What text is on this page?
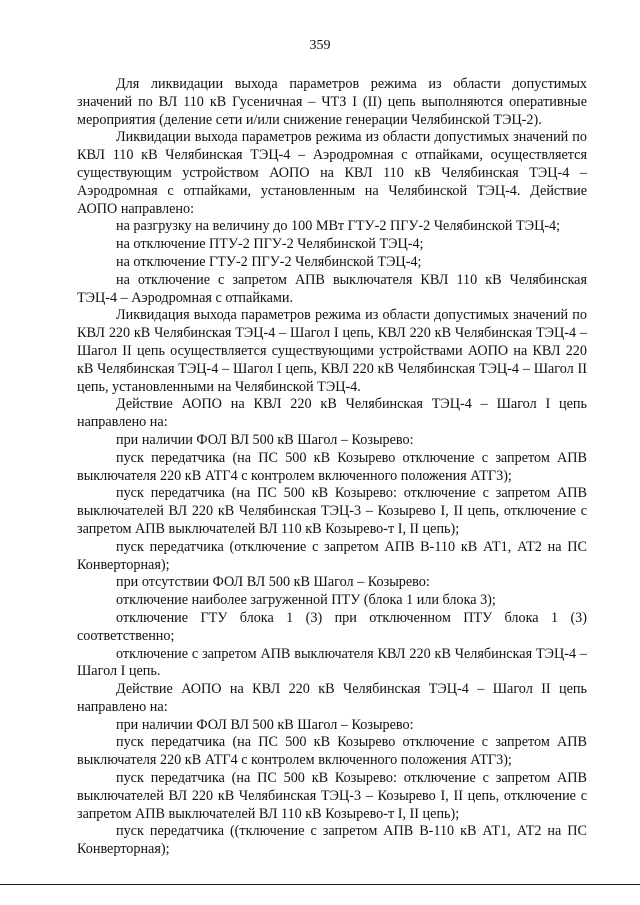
359

Для ликвидации выхода параметров режима из области допустимых значений по ВЛ 110 кВ Гусеничная – ЧТЗ I (II) цепь выполняются оперативные мероприятия (деление сети и/или снижение генерации Челябинской ТЭЦ-2).

Ликвидации выхода параметров режима из области допустимых значений по КВЛ 110 кВ Челябинская ТЭЦ-4 – Аэродромная с отпайками, осуществляется существующим устройством АОПО на КВЛ 110 кВ Челябинская ТЭЦ-4 – Аэродромная с отпайками, установленным на Челябинской ТЭЦ-4. Действие АОПО направлено:

на разгрузку на величину до 100 МВт ГТУ-2 ПГУ-2 Челябинской ТЭЦ-4;

на отключение ПТУ-2 ПГУ-2 Челябинской ТЭЦ-4;

на отключение ГТУ-2 ПГУ-2 Челябинской ТЭЦ-4;

на отключение с запретом АПВ выключателя КВЛ 110 кВ Челябинская ТЭЦ-4 – Аэродромная с отпайками.

Ликвидация выхода параметров режима из области допустимых значений по КВЛ 220 кВ Челябинская ТЭЦ-4 – Шагол I цепь, КВЛ 220 кВ Челябинская ТЭЦ-4 – Шагол II цепь осуществляется существующими устройствами АОПО на КВЛ 220 кВ Челябинская ТЭЦ-4 – Шагол I цепь, КВЛ 220 кВ Челябинская ТЭЦ-4 – Шагол II цепь, установленными на Челябинской ТЭЦ-4.

Действие АОПО на КВЛ 220 кВ Челябинская ТЭЦ-4 – Шагол I цепь направлено на:

при наличии ФОЛ ВЛ 500 кВ Шагол – Козырево:

пуск передатчика (на ПС 500 кВ Козырево отключение с запретом АПВ выключателя 220 кВ АТГ4 с контролем включенного положения АТГ3);

пуск передатчика (на ПС 500 кВ Козырево: отключение с запретом АПВ выключателей ВЛ 220 кВ Челябинская ТЭЦ-3 – Козырево I, II цепь, отключение с запретом АПВ выключателей ВЛ 110 кВ Козырево-т I, II цепь);

пуск передатчика (отключение с запретом АПВ В-110 кВ АТ1, АТ2 на ПС Конверторная);

при отсутствии ФОЛ ВЛ 500 кВ Шагол – Козырево:

отключение наиболее загруженной ПТУ (блока 1 или блока 3);

отключение ГТУ блока 1 (3) при отключенном ПТУ блока 1 (3) соответственно;

отключение с запретом АПВ выключателя КВЛ 220 кВ Челябинская ТЭЦ-4 – Шагол I цепь.

Действие АОПО на КВЛ 220 кВ Челябинская ТЭЦ-4 – Шагол II цепь направлено на:

при наличии ФОЛ ВЛ 500 кВ Шагол – Козырево:

пуск передатчика (на ПС 500 кВ Козырево отключение с запретом АПВ выключателя 220 кВ АТГ4 с контролем включенного положения АТГ3);

пуск передатчика (на ПС 500 кВ Козырево: отключение с запретом АПВ выключателей ВЛ 220 кВ Челябинская ТЭЦ-3 – Козырево I, II цепь, отключение с запретом АПВ выключателей ВЛ 110 кВ Козырево-т I, II цепь);

пуск передатчика ((тключение с запретом АПВ В-110 кВ АТ1, АТ2 на ПС Конверторная);
